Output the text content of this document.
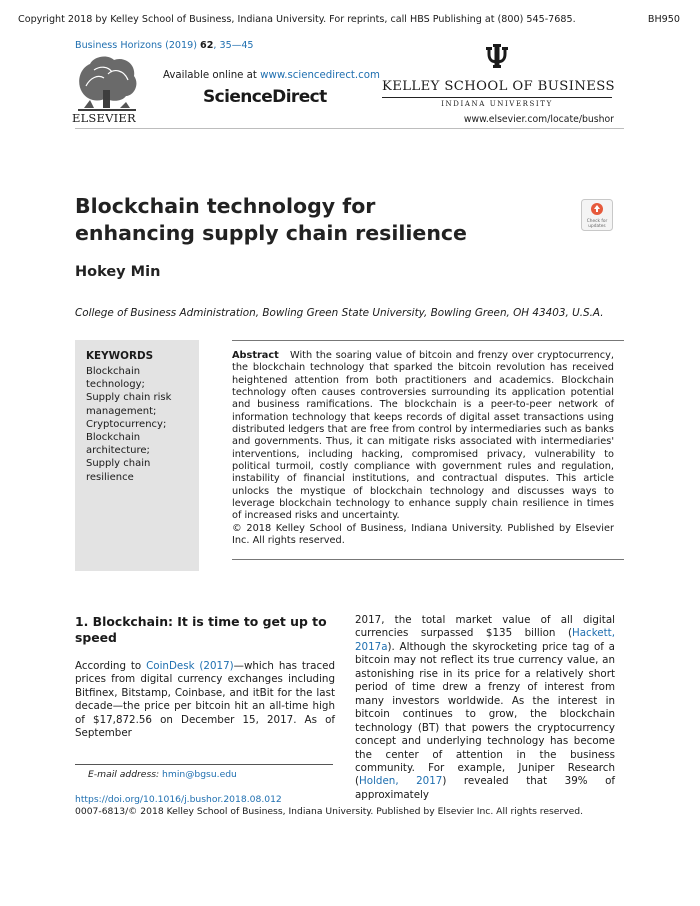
Copyright 2018 by Kelley School of Business, Indiana University. For reprints, call HBS Publishing at (800) 545-7685.	BH950
Business Horizons (2019) 62, 35—45
ELSEVIER
Available online at www.sciencedirect.com
ScienceDirect
KELLEY SCHOOL OF BUSINESS
INDIANA UNIVERSITY
www.elsevier.com/locate/bushor
Blockchain technology for enhancing supply chain resilience	Check for
updates
Hokey Min
College of Business Administration, Bowling Green State University, Bowling Green, OH 43403, U.S.A.
KEYWORDS
Blockchain technology;
Supply chain risk management;
Cryptocurrency;
Blockchain architecture;
Supply chain resilience
Abstract With the soaring value of bitcoin and frenzy over cryptocurrency, the blockchain technology that sparked the bitcoin revolution has received heightened attention from both practitioners and academics. Blockchain technology often causes controversies surrounding its application potential and business ramifications. The blockchain is a peer-to-peer network of information technology that keeps records of digital asset transactions using distributed ledgers that are free from control by intermediaries such as banks and governments. Thus, it can mitigate risks associated with intermediaries' interventions, including hacking, compromised privacy, vulnerability to political turmoil, costly compliance with government rules and regulation, instability of financial institutions, and contractual disputes. This article unlocks the mystique of blockchain technology and discusses ways to leverage blockchain technology to enhance supply chain resilience in times of increased risks and uncertainty.
© 2018 Kelley School of Business, Indiana University. Published by Elsevier Inc. All rights reserved.
1. Blockchain: It is time to get up to speed
According to CoinDesk (2017)—which has traced prices from digital currency exchanges including Bitfinex, Bitstamp, Coinbase, and itBit for the last decade—the price per bitcoin hit an all-time high of $17,872.56 on December 15, 2017. As of September
2017, the total market value of all digital currencies surpassed $135 billion (Hackett, 2017a). Although the skyrocketing price tag of a bitcoin may not reflect its true currency value, an astonishing rise in its price for a relatively short period of time drew a frenzy of interest from many investors worldwide. As the interest in bitcoin continues to grow, the blockchain technology (BT) that powers the cryptocurrency concept and underlying technology has become the center of attention in the business community. For example, Juniper Research (Holden, 2017) revealed that 39% of approximately
E-mail address: hmin@bgsu.edu
https://doi.org/10.1016/j.bushor.2018.08.012
0007-6813/© 2018 Kelley School of Business, Indiana University. Published by Elsevier Inc. All rights reserved.
